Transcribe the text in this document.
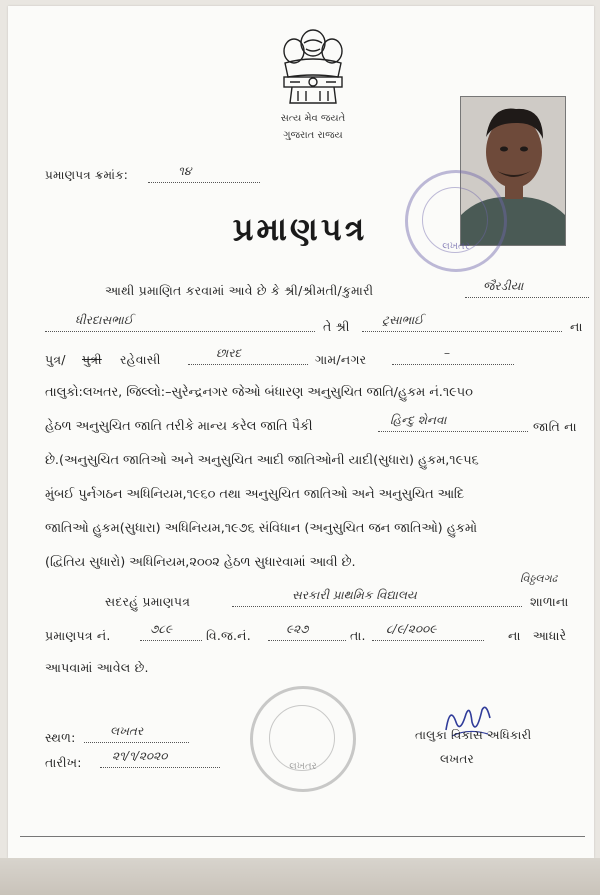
સત્ય મેવ જયતે
ગુજરાત રાજય
લખતર
પ્રમાણપત્ર ક્રમાંક:	૧૪
પ્રમાણપત્ર
આથી પ્રમાણિત કરવામાં આવે છે કે શ્રી/શ્રીમતી/કુમારી	જૈરડીયા
ધીરદાસભાઈ	તે શ્રી	ટ્રસાભાઈ	ના
પુત્ર/ પુત્રી રહેવાસી	છારદ	ગામ/નગર	–
તાલુકો:લખતર, જિલ્લો:–સુરેન્દ્રનગર જેઓ બંધારણ અનુસુચિત જાતિ/હુકમ નં.૧૯૫૦
હેઠળ અનુસુચિત જાતિ તરીકે માન્ય કરેલ જાતિ પૈકી	હિન્દુ શેનવા	જાતિ ના
છે.(અનુસુચિત જાતિઓ અને અનુસુચિત આદી જાતિઓની યાદી(સુધારા) હુકમ,૧૯૫૬
મુંબઈ પુર્નગઠન અધિનિયમ,૧૯૬૦ તથા અનુસુચિત જાતિઓ અને અનુસુચિત આદિ
જાતિઓ હુકમ(સુધારા) અધિનિયમ,૧૯૭૬ સંવિધાન (અનુસુચિત જન જાતિઓ) હુકમો
(દ્વિતિય સુધારો) અધિનિયમ,૨૦૦૨ હેઠળ સુધારવામાં આવી છે.
સદરહું પ્રમાણપત્ર	સરકારી પ્રાથમિક વિદ્યાલય
વિઠ્ઠલગઢ
શાળાના
પ્રમાણપત્ર નં.	૭૮૯	વિ.જ.નં.	૯૨૭	તા. ૮/૯/૨૦૦૯	ના આધારે
આપવામાં આવેલ છે.
લખતર
સ્થળ:	લખતર
તારીખ:	૨૧/૧/૨૦૨૦
તાલુકા વિકાસ અધિકારી
લખતર
